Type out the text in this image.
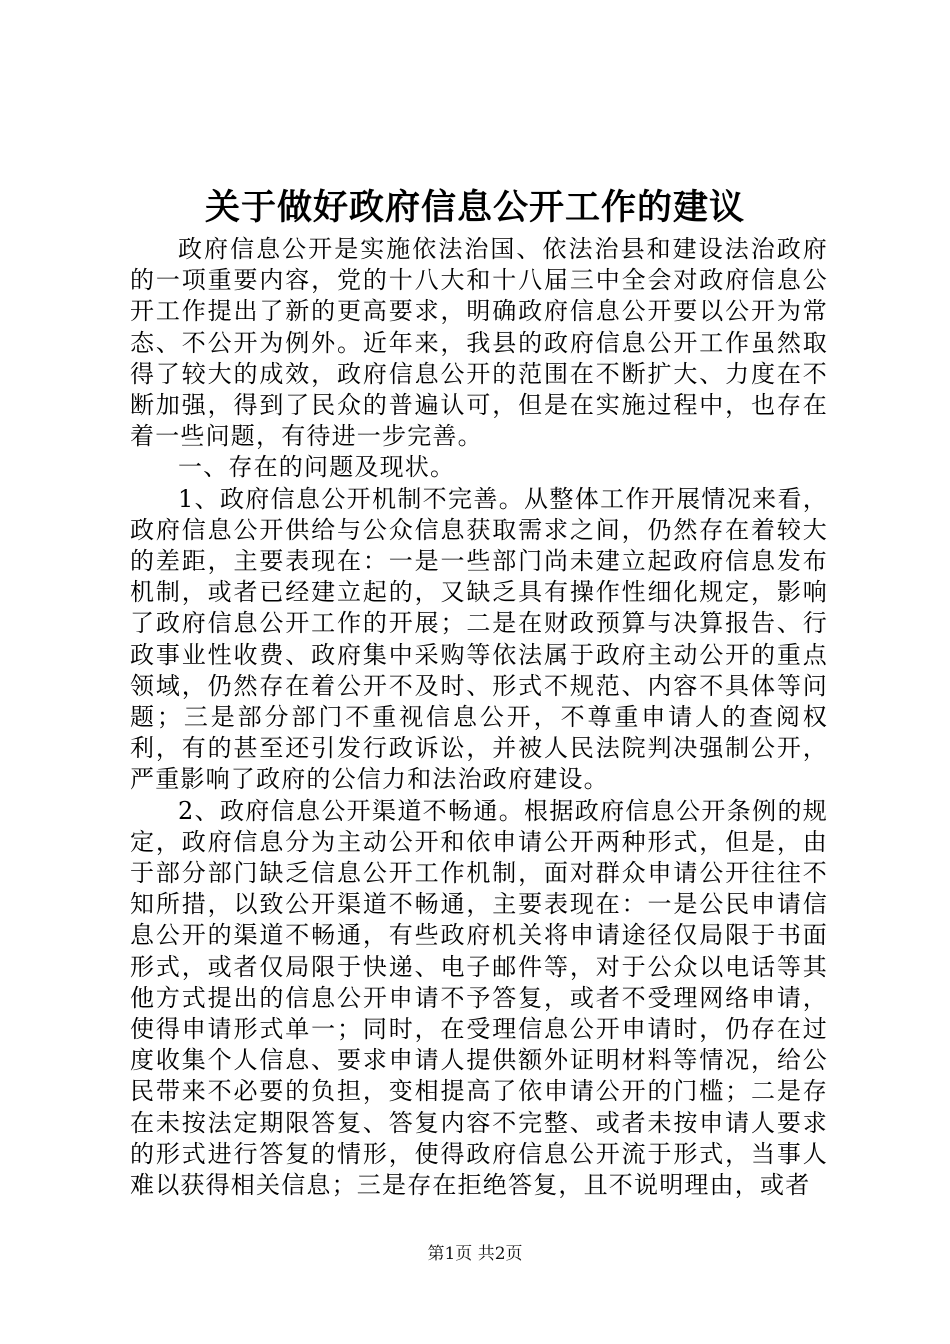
关于做好政府信息公开工作的建议

政府信息公开是实施依法治国、依法治县和建设法治政府的一项重要内容，党的十八大和十八届三中全会对政府信息公开工作提出了新的更高要求，明确政府信息公开要以公开为常态、不公开为例外。近年来，我县的政府信息公开工作虽然取得了较大的成效，政府信息公开的范围在不断扩大、力度在不断加强，得到了民众的普遍认可，但是在实施过程中，也存在着一些问题，有待进一步完善。

一、存在的问题及现状。

1、政府信息公开机制不完善。从整体工作开展情况来看，政府信息公开供给与公众信息获取需求之间，仍然存在着较大的差距，主要表现在：一是一些部门尚未建立起政府信息发布机制，或者已经建立起的，又缺乏具有操作性细化规定，影响了政府信息公开工作的开展；二是在财政预算与决算报告、行政事业性收费、政府集中采购等依法属于政府主动公开的重点领域，仍然存在着公开不及时、形式不规范、内容不具体等问题；三是部分部门不重视信息公开，不尊重申请人的查阅权利，有的甚至还引发行政诉讼，并被人民法院判决强制公开，严重影响了政府的公信力和法治政府建设。

2、政府信息公开渠道不畅通。根据政府信息公开条例的规定，政府信息分为主动公开和依申请公开两种形式，但是，由于部分部门缺乏信息公开工作机制，面对群众申请公开往往不知所措，以致公开渠道不畅通，主要表现在：一是公民申请信息公开的渠道不畅通，有些政府机关将申请途径仅局限于书面形式，或者仅局限于快递、电子邮件等，对于公众以电话等其他方式提出的信息公开申请不予答复，或者不受理网络申请，使得申请形式单一；同时，在受理信息公开申请时，仍存在过度收集个人信息、要求申请人提供额外证明材料等情况，给公民带来不必要的负担，变相提高了依申请公开的门槛；二是存在未按法定期限答复、答复内容不完整、或者未按申请人要求的形式进行答复的情形，使得政府信息公开流于形式，当事人难以获得相关信息；三是存在拒绝答复，且不说明理由，或者

第1页 共2页
